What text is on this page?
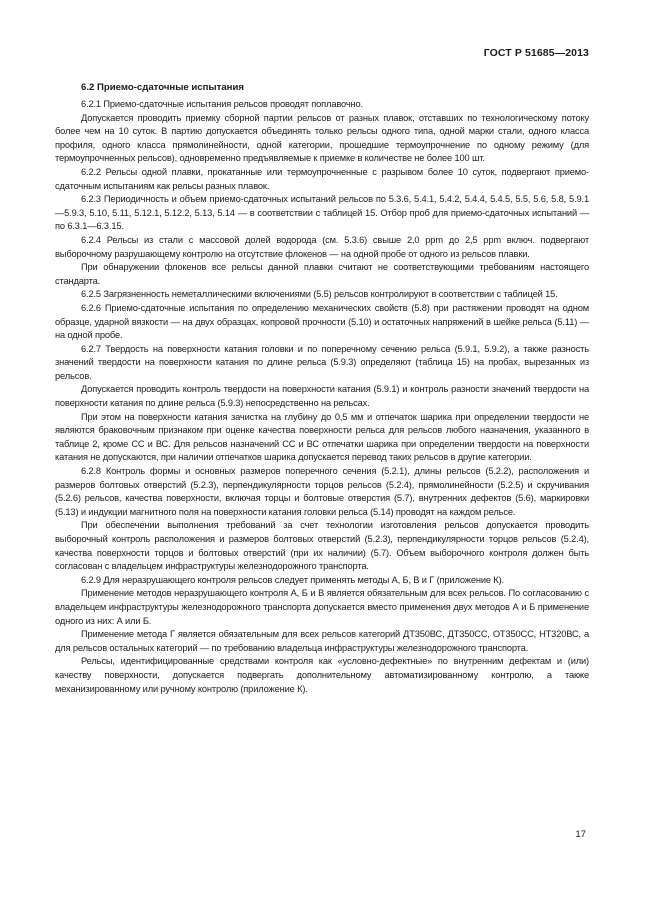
ГОСТ Р 51685—2013
6.2 Приемо-сдаточные испытания

6.2.1 Приемо-сдаточные испытания рельсов проводят поплавочно.

Допускается проводить приемку сборной партии рельсов от разных плавок, отставших по технологическому потоку более чем на 10 суток. В партию допускается объединять только рельсы одного типа, одной марки стали, одного класса профиля, одного класса прямолинейности, одной категории, прошедшие термоупрочнение по одному режиму (для термоупрочненных рельсов), одновременно предъявляемые к приемке в количестве не более 100 шт.

6.2.2 Рельсы одной плавки, прокатанные или термоупрочненные с разрывом более 10 суток, подвергают приемо-сдаточным испытаниям как рельсы разных плавок.

6.2.3 Периодичность и объем приемо-сдаточных испытаний рельсов по 5.3.6, 5.4.1, 5.4.2, 5.4.4, 5.4.5, 5.5, 5.6, 5.8, 5.9.1—5.9.3, 5.10, 5.11, 5.12.1, 5.12.2, 5.13, 5.14 — в соответствии с таблицей 15. Отбор проб для приемо-сдаточных испытаний — по 6.3.1—6.3.15.

6.2.4 Рельсы из стали с массовой долей водорода (см. 5.3.6) свыше 2,0 ppm до 2,5 ppm включ. подвергают выборочному разрушающему контролю на отсутствие флокенов — на одной пробе от одного из рельсов плавки.

При обнаружении флокенов все рельсы данной плавки считают не соответствующими требованиям настоящего стандарта.

6.2.5 Загрязненность неметаллическими включениями (5.5) рельсов контролируют в соответствии с таблицей 15.

6.2.6 Приемо-сдаточные испытания по определению механических свойств (5.8) при растяжении проводят на одном образце, ударной вязкости — на двух образцах, копровой прочности (5.10) и остаточных напряжений в шейке рельса (5.11) — на одной пробе.

6.2.7 Твердость на поверхности катания головки и по поперечному сечению рельса (5.9.1, 5.9.2), а также разность значений твердости на поверхности катания по длине рельса (5.9.3) определяют (таблица 15) на пробах, вырезанных из рельсов.

Допускается проводить контроль твердости на поверхности катания (5.9.1) и контроль разности значений твердости на поверхности катания по длине рельса (5.9.3) непосредственно на рельсах.

При этом на поверхности катания зачистка на глубину до 0,5 мм и отпечаток шарика при определении твердости не являются браковочным признаком при оценке качества поверхности рельса для рельсов любого назначения, указанного в таблице 2, кроме СС и ВС. Для рельсов назначений СС и ВС отпечатки шарика при определении твердости на поверхности катания не допускаются, при наличии отпечатков шарика допускается перевод таких рельсов в другие категории.

6.2.8 Контроль формы и основных размеров поперечного сечения (5.2.1), длины рельсов (5.2.2), расположения и размеров болтовых отверстий (5.2.3), перпендикулярности торцов рельсов (5.2.4), прямолинейности (5.2.5) и скручивания (5.2.6) рельсов, качества поверхности, включая торцы и болтовые отверстия (5.7), внутренних дефектов (5.6), маркировки (5.13) и индукции магнитного поля на поверхности катания головки рельса (5.14) проводят на каждом рельсе.

При обеспечении выполнения требований за счет технологии изготовления рельсов допускается проводить выборочный контроль расположения и размеров болтовых отверстий (5.2.3), перпендикулярности торцов рельсов (5.2.4), качества поверхности торцов и болтовых отверстий (при их наличии) (5.7). Объем выборочного контроля должен быть согласован с владельцем инфраструктуры железнодорожного транспорта.

6.2.9 Для неразрушающего контроля рельсов следует применять методы А, Б, В и Г (приложение К).

Применение методов неразрушающего контроля А, Б и В является обязательным для всех рельсов. По согласованию с владельцем инфраструктуры железнодорожного транспорта допускается вместо применения двух методов А и Б применение одного из них: А или Б.

Применение метода Г является обязательным для всех рельсов категорий ДТ350ВС, ДТ350СС, ОТ350СС, НТ320ВС, а для рельсов остальных категорий — по требованию владельца инфраструктуры железнодорожного транспорта.

Рельсы, идентифицированные средствами контроля как «условно-дефектные» по внутренним дефектам и (или) качеству поверхности, допускается подвергать дополнительному автоматизированному контролю, а также механизированному или ручному контролю (приложение К).

17
